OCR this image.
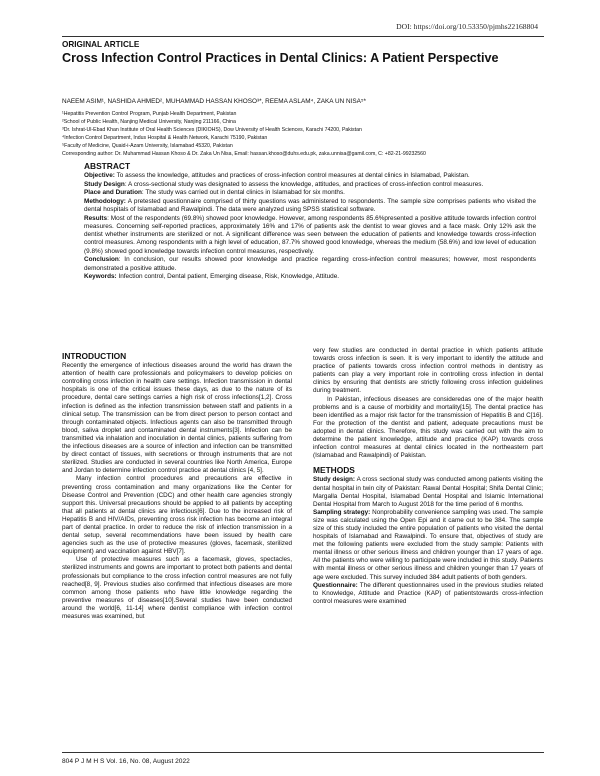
DOI: https://doi.org/10.53350/pjmhs22168804
ORIGINAL ARTICLE
Cross Infection Control Practices in Dental Clinics: A Patient Perspective
NAEEM ASIM¹, NASHIDA AHMED², MUHAMMAD HASSAN KHOSO³*, REEMA ASLAM⁴, ZAKA UN NISA⁵*

¹Hepatitis Prevention Control Program, Punjab Health Department, Pakistan

²School of Public Health, Nanjing Medical University, Nanjing 211166, China

³Dr. Ishrat-Ul-Ebad Khan Institute of Oral Health Sciences (DIKIOHS), Dow University of Health Sciences, Karachi 74200, Pakistan

⁴Infection Control Department, Indus Hospital & Health Network, Karachi 75190, Pakistan

⁵Faculty of Medicine, Quaid-i-Azam University, Islamabad 45320, Pakistan

Corresponding author: Dr. Muhammad Hassan Khoso & Dr. Zaka Un Nisa, Email: hassan.khoso@duhs.edu.pk, zaka.unnisa@gamil.com, C: +82-21-99232560

ABSTRACT

Objective: To assess the knowledge, attitudes and practices of cross-infection control measures at dental clinics in Islamabad, Pakistan.

Study Design: A cross-sectional study was designated to assess the knowledge, attitudes, and practices of cross-infection control measures.

Place and Duration: The study was carried out in dental clinics in Islamabad for six months.

Methodology: A pretested questionnaire comprised of thirty questions was administered to respondents. The sample size comprises patients who visited the dental hospitals of Islamabad and Rawalpindi. The data were analyzed using SPSS statistical software.

Results: Most of the respondents (69.8%) showed poor knowledge. However, among respondents 85.6%presented a positive attitude towards infection control measures. Concerning self-reported practices, approximately 16% and 17% of patients ask the dentist to wear gloves and a face mask. Only 12% ask the dentist whether instruments are sterilized or not. A significant difference was seen between the education of patients and knowledge towards cross-infection control measures. Among respondents with a high level of education, 87.7% showed good knowledge, whereas the medium (58.6%) and low level of education (9.8%) showed good knowledge towards infection control measures, respectively.

Conclusion: In conclusion, our results showed poor knowledge and practice regarding cross-infection control measures; however, most respondents demonstrated a positive attitude.

Keywords: Infection control, Dental patient, Emerging disease, Risk, Knowledge, Attitude.

INTRODUCTION

Recently the emergence of infectious diseases around the world has drawn the attention of health care professionals and policymakers to develop policies on controlling cross infection in health care settings. Infection transmission in dental hospitals is one of the critical issues these days, as due to the nature of its procedure, dental care settings carries a high risk of cross infections[1,2]. Cross infection is defined as the infection transmission between staff and patients in a clinical setup. The transmission can be from direct person to person contact and through contaminated objects. Infectious agents can also be transmitted through blood, saliva droplet and contaminated dental instruments[3]. Infection can be transmitted via inhalation and inoculation in dental clinics, patients suffering from the infectious diseases are a source of infection and infection can be transmitted by direct contact of tissues, with secretions or through instruments that are not sterilized. Studies are conducted in several countries like North America, Europe and Jordan to determine infection control practice at dental clinics [4, 5].

Many infection control procedures and precautions are effective in preventing cross contamination and many organizations like the Center for Disease Control and Prevention (CDC) and other health care agencies strongly support this. Universal precautions should be applied to all patients by accepting that all patients at dental clinics are infectious[6]. Due to the increased risk of Hepatitis B and HIV/AIDs, preventing cross risk infection has become an integral part of dental practice. In order to reduce the risk of infection transmission in a dental setup, several recommendations have been issued by health care agencies such as the use of protective measures (gloves, facemask, sterilized equipment) and vaccination against HBV[7].

Use of protective measures such as a facemask, gloves, spectacles, sterilized instruments and gowns are important to protect both patients and dental professionals but compliance to the cross infection control measures are not fully reached[8, 9]. Previous studies also confirmed that infectious diseases are more common among those patients who have little knowledge regarding the preventive measures of diseases[10].Several studies have been conducted around the world[6, 11-14] where dentist compliance with infection control measures was examined, but

very few studies are conducted in dental practice in which patients attitude towards cross infection is seen. It is very important to identify the attitude and practice of patients towards cross infection control methods in dentistry as patients can play a very important role in controlling cross infection in dental clinics by ensuring that dentists are strictly following cross infection guidelines during treatment.

In Pakistan, infectious diseases are consideredas one of the major health problems and is a cause of morbidity and mortality[15]. The dental practice has been identified as a major risk factor for the transmission of Hepatitis B and C[16]. For the protection of the dentist and patient, adequate precautions must be adopted in dental clinics. Therefore, this study was carried out with the aim to determine the patient knowledge, attitude and practice (KAP) towards cross infection control measures at dental clinics located in the northeastern part (Islamabad and Rawalpindi) of Pakistan.

METHODS

Study design: A cross sectional study was conducted among patients visiting the dental hospital in twin city of Pakistan: Rawal Dental Hospital; Shifa Dental Clinic; Margalla Dental Hospital, Islamabad Dental Hospital and Islamic International Dental Hospital from March to August 2018 for the time period of 6 months.

Sampling strategy: Nonprobability convenience sampling was used. The sample size was calculated using the Open Epi and it came out to be 384. The sample size of this study included the entire population of patients who visited the dental hospitals of Islamabad and Rawalpindi. To ensure that, objectives of study are met the following patients were excluded from the study sample: Patients with mental illness or other serious illness and children younger than 17 years of age. All the patients who were willing to participate were included in this study. Patients with mental illness or other serious illness and children younger than 17 years of age were excluded. This survey included 384 adult patients of both genders.

Questionnaire: The different questionnaires used in the previous studies related to Knowledge, Attitude and Practice (KAP) of patientstowards cross-infection control measures were examined

804 P J M H S Vol. 16, No. 08, August 2022
